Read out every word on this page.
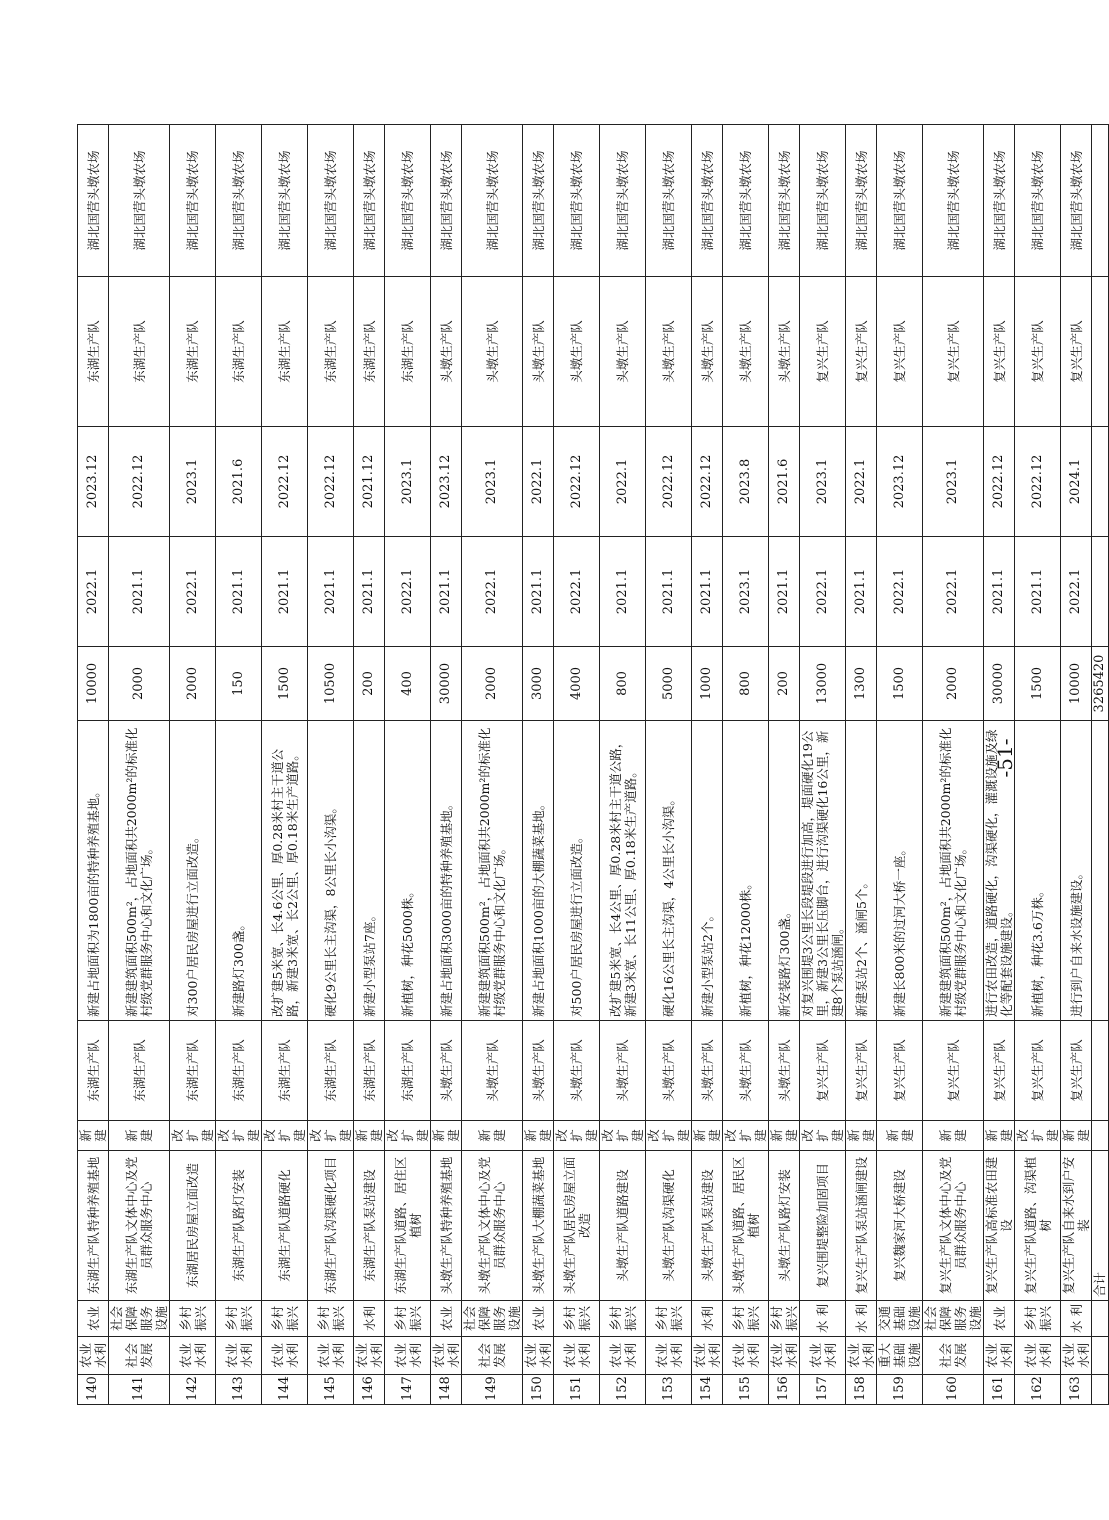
140	农业水利	农业	东湖生产队特种养殖基地	新 建	东湖生产队	新建占地面积为1800亩的特种养殖基地。	10000	2022.1	2023.12	东湖生产队	湖北国营头墩农场
141	社会发展	社会保障服务设施	东湖生产队文体中心及党员群众服务中心	新 建	东湖生产队	新建建筑面积500m²，占地面积共2000m²的标准化村级党群服务中心和文化广场。	2000	2021.1	2022.12	东湖生产队	湖北国营头墩农场
142	农业水利	乡村振兴	东湖居民房屋立面改造	改扩建	东湖生产队	对300户居民房屋进行立面改造。	2000	2022.1	2023.1	东湖生产队	湖北国营头墩农场
143	农业水利	乡村振兴	东湖生产队路灯安装	改扩建	东湖生产队	新建路灯300盏。	150	2021.1	2021.6	东湖生产队	湖北国营头墩农场
144	农业水利	乡村振兴	东湖生产队道路硬化	改扩建	东湖生产队	改扩建5米宽、长4.6公里、厚0.28米村主干道公路，新建3米宽、长2公里、厚0.18米生产道路。	1500	2021.1	2022.12	东湖生产队	湖北国营头墩农场
145	农业水利	乡村振兴	东湖生产队沟渠硬化项目	改扩建	东湖生产队	硬化9公里长主沟渠，8公里长小沟渠。	10500	2021.1	2022.12	东湖生产队	湖北国营头墩农场
146	农业水利	水利	东湖生产队泵站建设	新建	东湖生产队	新建小型泵站7座。	200	2021.1	2021.12	东湖生产队	湖北国营头墩农场
147	农业水利	乡村振兴	东湖生产队道路、居住区植树	改扩建	东湖生产队	新植树，种花5000株。	400	2022.1	2023.1	东湖生产队	湖北国营头墩农场
148	农业水利	农业	头墩生产队特种养殖基地	新建	头墩生产队	新建占地面积3000亩的特种养殖基地。	30000	2021.1	2023.12	头墩生产队	湖北国营头墩农场
149	社会发展	社会保障服务设施	头墩生产队文体中心及党员群众服务中心	新建	头墩生产队	新建建筑面积500m²，占地面积共2000m²的标准化村级党群服务中心和文化广场。	2000	2022.1	2023.1	头墩生产队	湖北国营头墩农场
150	农业水利	农业	头墩生产队大棚蔬菜基地	新建	头墩生产队	新建占地面积1000亩的大棚蔬菜基地。	3000	2021.1	2022.1	头墩生产队	湖北国营头墩农场
151	农业水利	乡村振兴	头墩生产队居民房屋立面改造	改扩建	头墩生产队	对500户居民房屋进行立面改造。	4000	2022.1	2022.12	头墩生产队	湖北国营头墩农场
152	农业水利	乡村振兴	头墩生产队道路建设	改扩建	头墩生产队	改扩建5米宽、长4公里、厚0.28米村主干道公路，新建3米宽、长11公里、厚0.18米生产道路。	800	2021.1	2022.1	头墩生产队	湖北国营头墩农场
153	农业水利	乡村振兴	头墩生产队沟渠硬化	改扩建	头墩生产队	硬化16公里长主沟渠，4公里长小沟渠。	5000	2021.1	2022.12	头墩生产队	湖北国营头墩农场
154	农业水利	水利	头墩生产队泵站建设	新建	头墩生产队	新建小型泵站2个。	1000	2021.1	2022.12	头墩生产队	湖北国营头墩农场
155	农业水利	乡村振兴	头墩生产队道路、居民区植树	改扩建	头墩生产队	新植树，种花12000株。	800	2023.1	2023.8	头墩生产队	湖北国营头墩农场
156	农业水利	乡村振兴	头墩生产队路灯安装	新建	头墩生产队	新安装路灯300盏。	200	2021.1	2021.6	头墩生产队	湖北国营头墩农场
157	农业水利	水 利	复兴围堤整险加固项目	改扩建	复兴生产队	对复兴围堤3公里长段堤段进行加高，堤面硬化19公里，新建3公里长压脚台，进行沟渠硬化16公里，新建8个泵站涵闸。	13000	2022.1	2023.1	复兴生产队	湖北国营头墩农场
158	农业水利	水 利	复兴生产队泵站涵闸建设	新建	复兴生产队	新建泵站2个、涵闸5个。	1300	2021.1	2022.1	复兴生产队	湖北国营头墩农场
159	重大基础设施	交通基础设施	复兴魏家河大桥建设	新建	复兴生产队	新建长800米的过河大桥一座。	1500	2022.1	2023.12	复兴生产队	湖北国营头墩农场
160	社会发展	社会保障服务设施	复兴生产队文体中心及党员群众服务中心	新建	复兴生产队	新建建筑面积500m²，占地面积共2000m²的标准化村级党群服务中心和文化广场。	2000	2022.1	2023.1	复兴生产队	湖北国营头墩农场
161	农业水利	农业	复兴生产队高标准农田建设	新建	复兴生产队	进行农田改造，道路硬化，沟渠硬化，灌溉设施及绿化等配套设施建设。	30000	2021.1	2022.12	复兴生产队	湖北国营头墩农场
162	农业水利	乡村振兴	复兴生产队道路、沟渠植树	改扩建	复兴生产队	新植树，种花3.6万株。	1500	2021.1	2022.12	复兴生产队	湖北国营头墩农场
163	农业水利	水 利	复兴生产队自来水到户安装	新建	复兴生产队	进行到户自来水设施建设。	10000	2022.1	2024.1	复兴生产队	湖北国营头墩农场
			合计				3265420				
-51-
